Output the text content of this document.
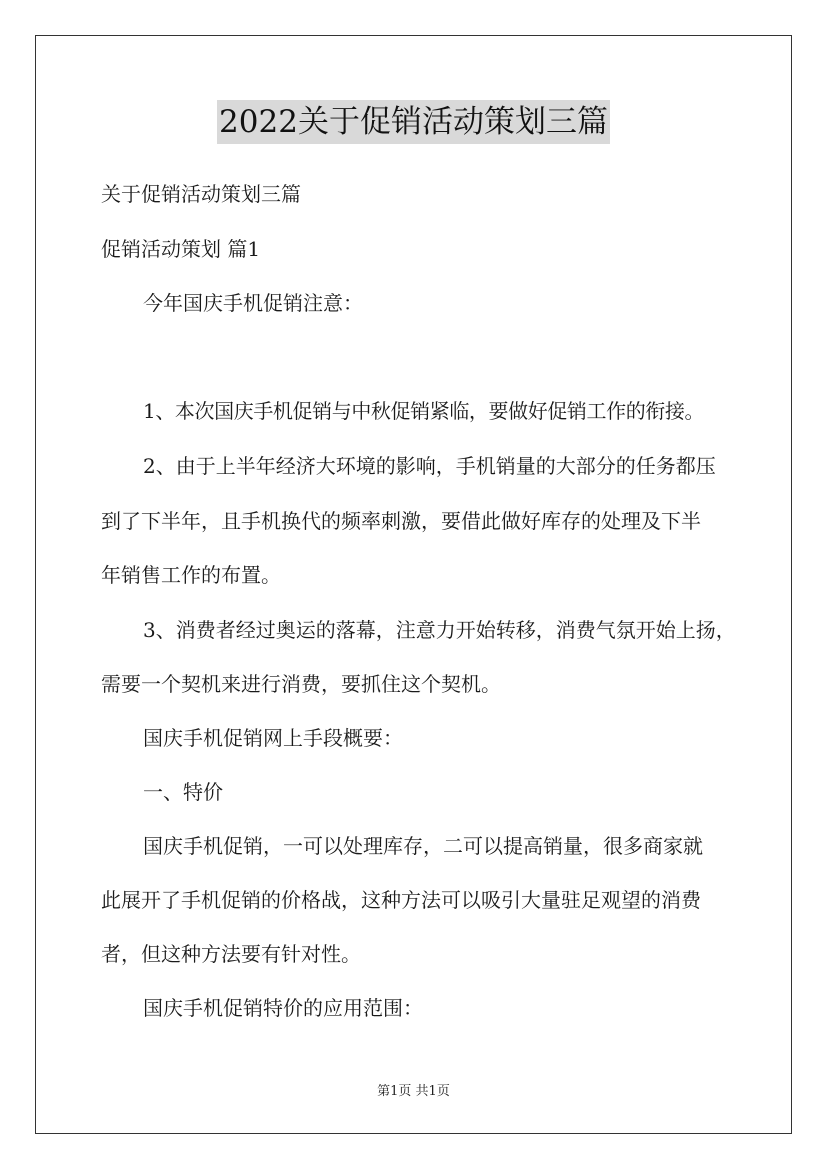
2022关于促销活动策划三篇
关于促销活动策划三篇
促销活动策划 篇1
今年国庆手机促销注意：
1、本次国庆手机促销与中秋促销紧临，要做好促销工作的衔接。
2、由于上半年经济大环境的影响，手机销量的大部分的任务都压
到了下半年，且手机换代的频率刺激，要借此做好库存的处理及下半
年销售工作的布置。
3、消费者经过奥运的落幕，注意力开始转移，消费气氛开始上扬，
需要一个契机来进行消费，要抓住这个契机。
国庆手机促销网上手段概要：
一、特价
国庆手机促销，一可以处理库存，二可以提高销量，很多商家就
此展开了手机促销的价格战，这种方法可以吸引大量驻足观望的消费
者，但这种方法要有针对性。
国庆手机促销特价的应用范围：
第1页 共1页
